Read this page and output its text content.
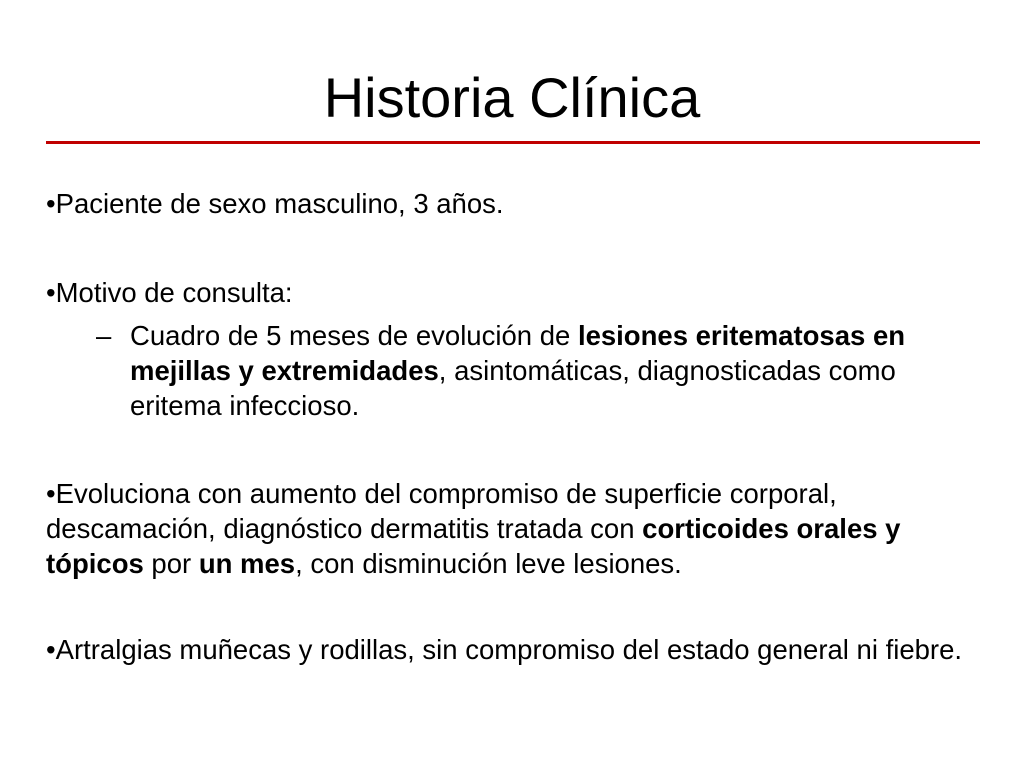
Historia Clínica

•Paciente de sexo masculino, 3 años.

•Motivo de consulta:

– Cuadro de 5 meses de evolución de lesiones eritematosas en mejillas y extremidades, asintomáticas, diagnosticadas como eritema infeccioso.

•Evoluciona con aumento del compromiso de superficie corporal, descamación, diagnóstico dermatitis tratada con corticoides orales y tópicos por un mes, con disminución leve lesiones.

•Artralgias muñecas y rodillas, sin compromiso del estado general ni fiebre.
